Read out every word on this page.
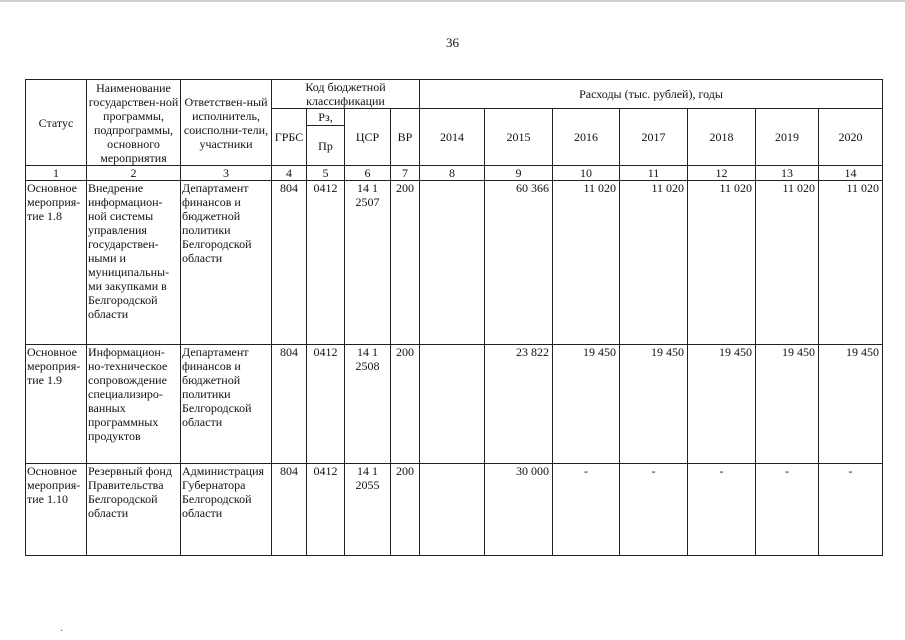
36
Статус	Наименование государствен-ной программы, подпрограммы, основного мероприятия	Ответствен-ный исполнитель, соисполни-тели, участники	Код бюджетной классификации				Расходы (тыс. рублей), годы						
			ГРБС	Рз,	ЦСР	ВР	2014	2015	2016	2017	2018	2019	2020
				Пр									
1	2	3	4	5	6	7	8	9	10	11	12	13	14
Основное мероприя-тие 1.8	Внедрение информацион-ной системы управления государствен-ными и муниципальны-ми закупками в Белгородской области	Департамент финансов и бюджетной политики Белгородской области	804	0412	14 1 2507	200		60 366	11 020	11 020	11 020	11 020	11 020
Основное мероприя-тие 1.9	Информацион-но-техническое сопровождение специализиро-ванных программных продуктов	Департамент финансов и бюджетной политики Белгородской области	804	0412	14 1 2508	200		23 822	19 450	19 450	19 450	19 450	19 450
Основное мероприя-тие 1.10	Резервный фонд Правительства Белгородской области	Администрация Губернатора Белгородской области	804	0412	14 1 2055	200		30 000	-	-	-	-	-
·
